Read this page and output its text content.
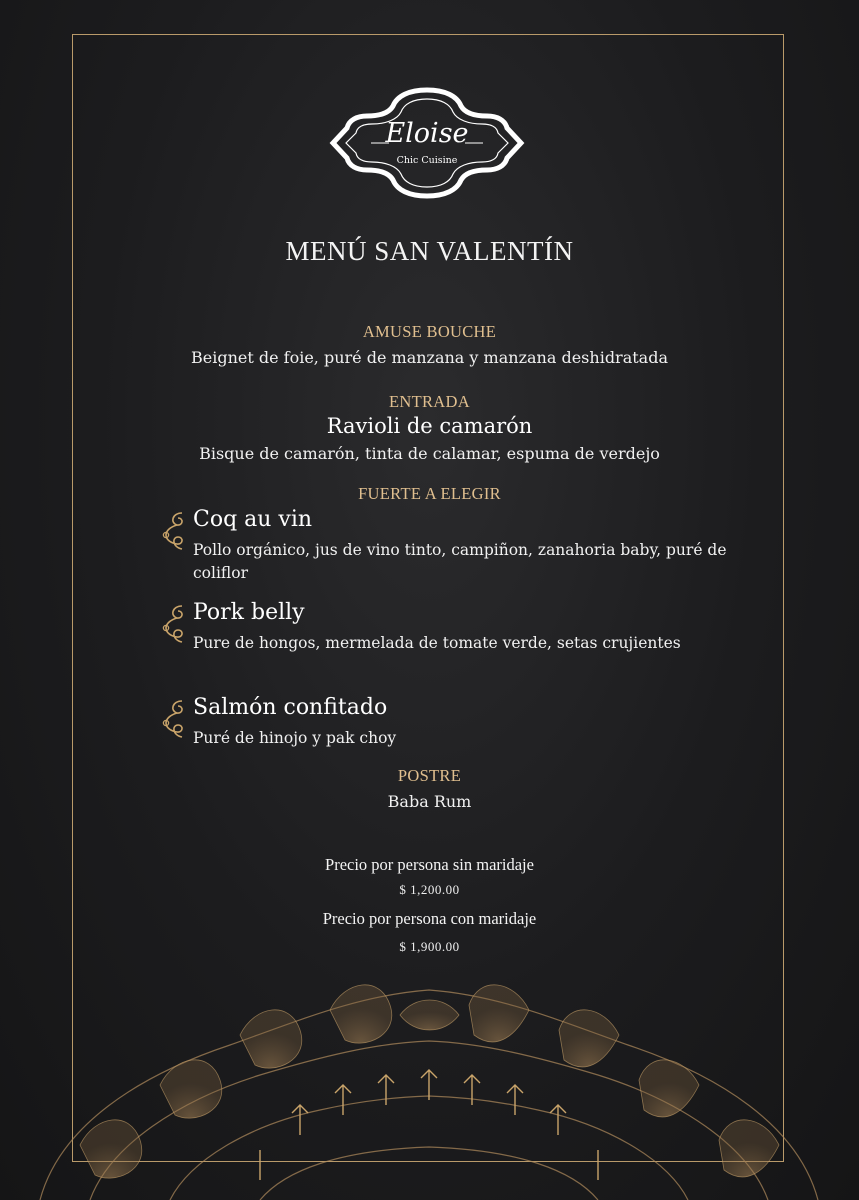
Eloise
Chic Cuisine
MENÚ SAN VALENTÍN
AMUSE BOUCHE
Beignet de foie, puré de manzana y manzana deshidratada
ENTRADA
Ravioli de camarón
Bisque de camarón, tinta de calamar, espuma de verdejo
FUERTE A ELEGIR
Coq au vin
Pollo orgánico, jus de vino tinto, campiñon, zanahoria baby, puré de coliflor
Pork belly
Pure de hongos, mermelada de tomate verde, setas crujientes
Salmón confitado
Puré de hinojo y pak choy
POSTRE
Baba Rum
Precio por persona sin maridaje
$ 1,200.00
Precio por persona con maridaje
$ 1,900.00
